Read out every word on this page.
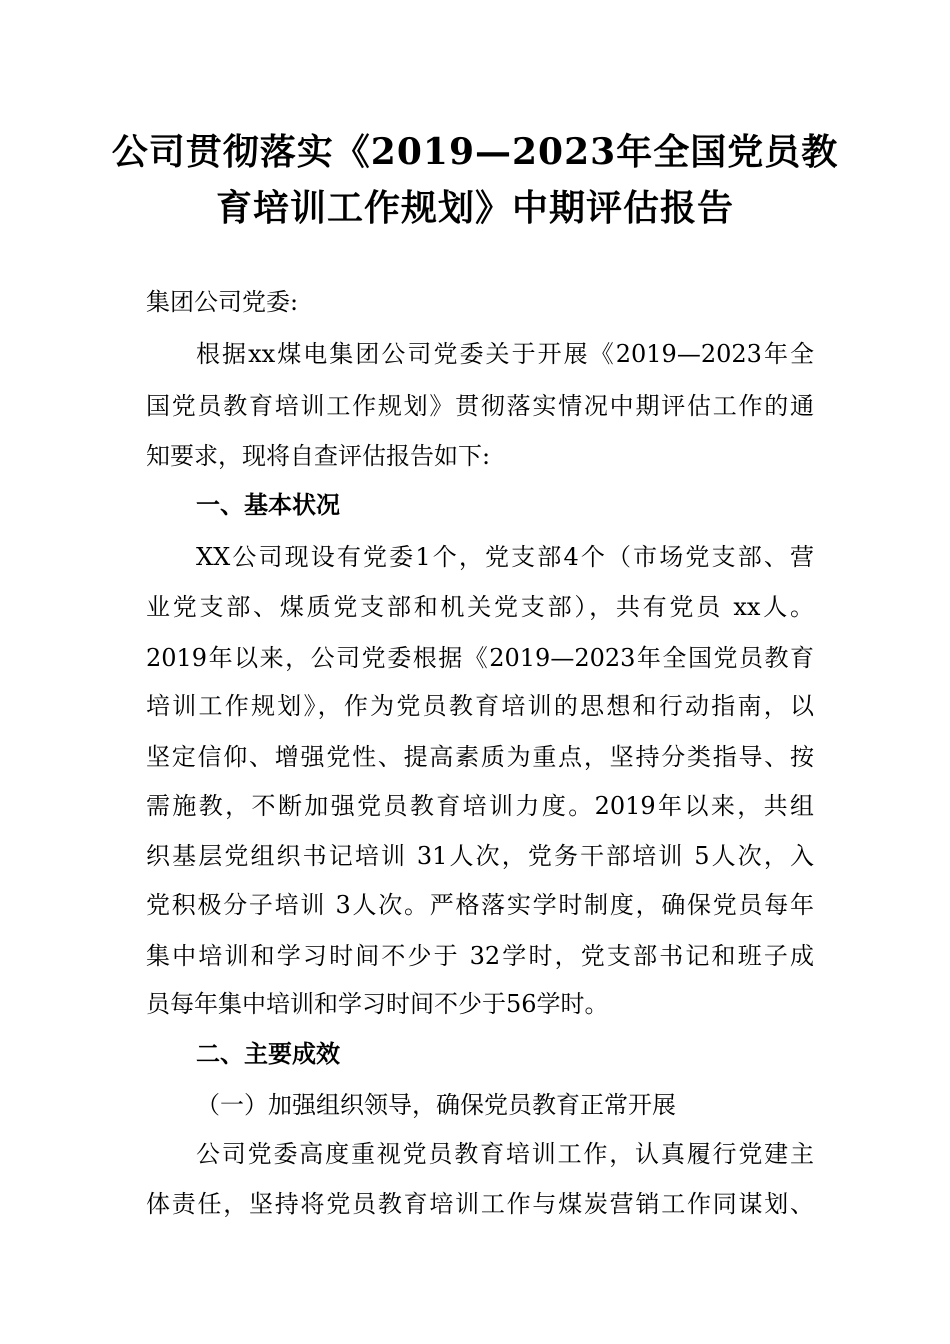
公司贯彻落实《2019—2023年全国党员教
育培训工作规划》中期评估报告
集团公司党委:
根据xx煤电集团公司党委关于开展《2019—2023年全
国党员教育培训工作规划》贯彻落实情况中期评估工作的通
知要求，现将自查评估报告如下:
一、基本状况
XX公司现设有党委1个，党支部4个（市场党支部、营
业党支部、煤质党支部和机关党支部），共有党员 xx人。
2019年以来，公司党委根据《2019—2023年全国党员教育
培训工作规划》，作为党员教育培训的思想和行动指南，以
坚定信仰、增强党性、提高素质为重点，坚持分类指导、按
需施教，不断加强党员教育培训力度。2019年以来，共组
织基层党组织书记培训 31人次，党务干部培训 5人次，入
党积极分子培训 3人次。严格落实学时制度，确保党员每年
集中培训和学习时间不少于 32学时，党支部书记和班子成
员每年集中培训和学习时间不少于56学时。
二、主要成效
（一）加强组织领导，确保党员教育正常开展
公司党委高度重视党员教育培训工作，认真履行党建主
体责任，坚持将党员教育培训工作与煤炭营销工作同谋划、
